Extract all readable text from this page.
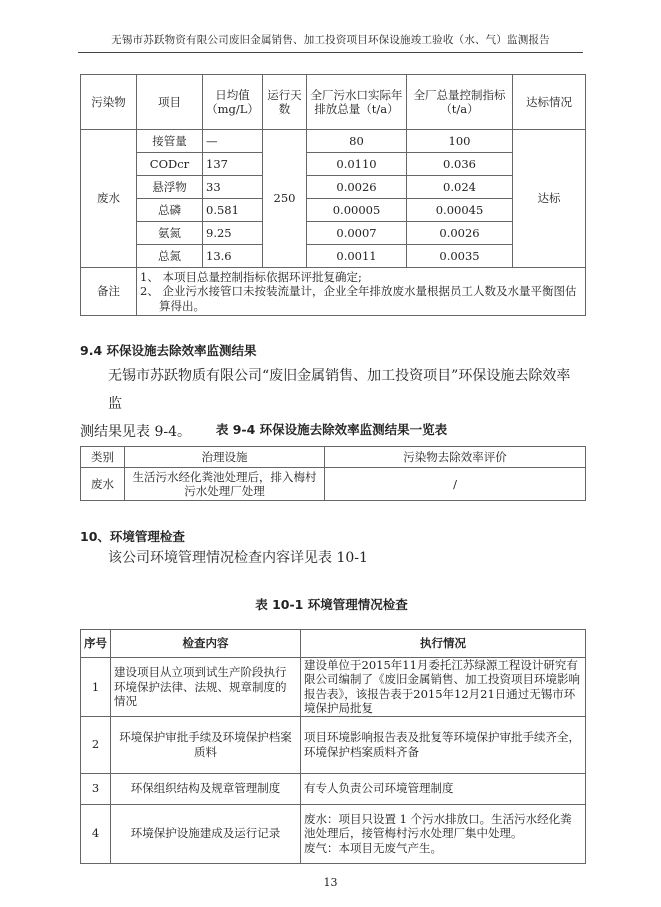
无锡市苏跃物资有限公司废旧金属销售、加工投资项目环保设施竣工验收（水、气）监测报告
污染物	项目	日均值（mg/L）	运行天数	全厂污水口实际年排放总量（t/a）	全厂总量控制指标（t/a）	达标情况
废水	接管量	—	250	80	100	达标
	CODcr	137		0.0110	0.036	
	悬浮物	33		0.0026	0.024	
	总磷	0.581		0.00005	0.00045	
	氨氮	9.25		0.0007	0.0026	
	总氮	13.6		0.0011	0.0035	
备注	1、 本项目总量控制指标依据环评批复确定;

2、 企业污水接管口未按装流量计，企业全年排放废水量根据员工人数及水量平衡图估算得出。					

9.4 环保设施去除效率监测结果
无锡市苏跃物质有限公司“废旧金属销售、加工投资项目”环保设施去除效率监
测结果见表 9-4。	表 9-4 环保设施去除效率监测结果一览表
类别	治理设施	污染物去除效率评价
废水	生活污水经化粪池处理后，排入梅村污水处理厂处理	/
10、环境管理检查
该公司环境管理情况检查内容详见表 10-1
表 10-1 环境管理情况检查
序号	检查内容	执行情况
1	建设项目从立项到试生产阶段执行环境保护法律、法规、规章制度的情况	建设单位于2015年11月委托江苏绿源工程设计研究有限公司编制了《废旧金属销售、加工投资项目环境影响报告表》，该报告表于2015年12月21日通过无锡市环境保护局批复
2	环境保护审批手续及环境保护档案质料	项目环境影响报告表及批复等环境保护审批手续齐全，环境保护档案质料齐备
3	环保组织结构及规章管理制度	有专人负责公司环境管理制度
4	环境保护设施建成及运行记录	废水：项目只设置 1 个污水排放口。生活污水经化粪池处理后，接管梅村污水处理厂集中处理。
废气：本项目无废气产生。
13
